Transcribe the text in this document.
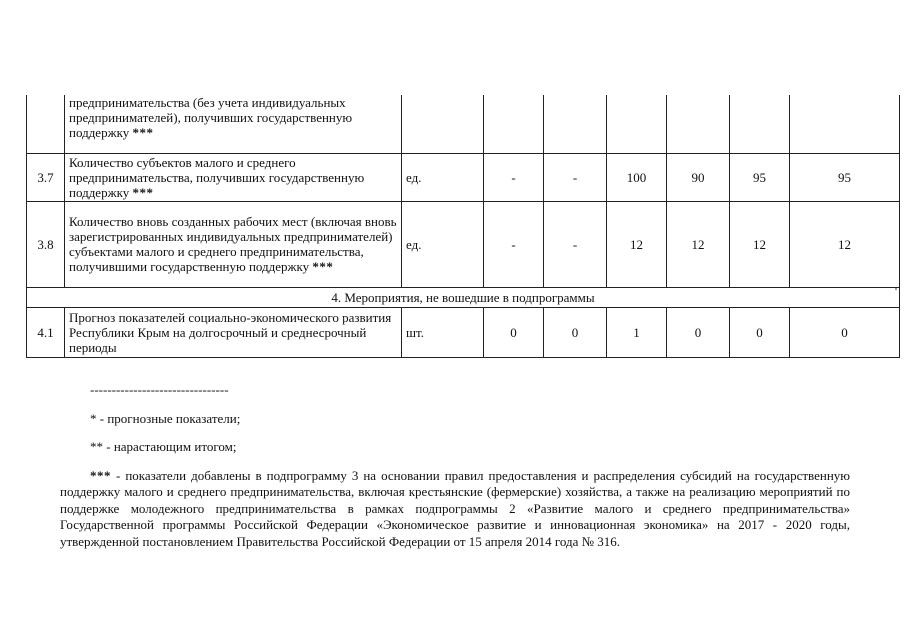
	предпринимательства (без учета индивидуальных предпринимателей), получивших государственную поддержку ***							
3.7	Количество субъектов малого и среднего предпринимательства, получивших государственную поддержку ***	ед.	-	-	100	90	95	95
3.8	Количество вновь созданных рабочих мест (включая вновь зарегистрированных индивидуальных предпринимателей) субъектами малого и среднего предпринимательства, получившими государственную поддержку ***	ед.	-	-	12	12	12	12
4. Мероприятия, не вошедшие в подпрограммы								
4.1	Прогноз показателей социально-экономического развития Республики Крым на долгосрочный и среднесрочный периоды	шт.	0	0	1	0	0	0

--------------------------------

* - прогнозные показатели;

** - нарастающим итогом;

*** - показатели добавлены в подпрограмму 3 на основании правил предоставления и распределения субсидий на государственную поддержку малого и среднего предпринимательства, включая крестьянские (фермерские) хозяйства, а также на реализацию мероприятий по поддержке молодежного предпринимательства в рамках подпрограммы 2 «Развитие малого и среднего предпринимательства» Государственной программы Российской Федерации «Экономическое развитие и инновационная экономика» на 2017 - 2020 годы, утвержденной постановлением Правительства Российской Федерации от 15 апреля 2014 года № 316.
